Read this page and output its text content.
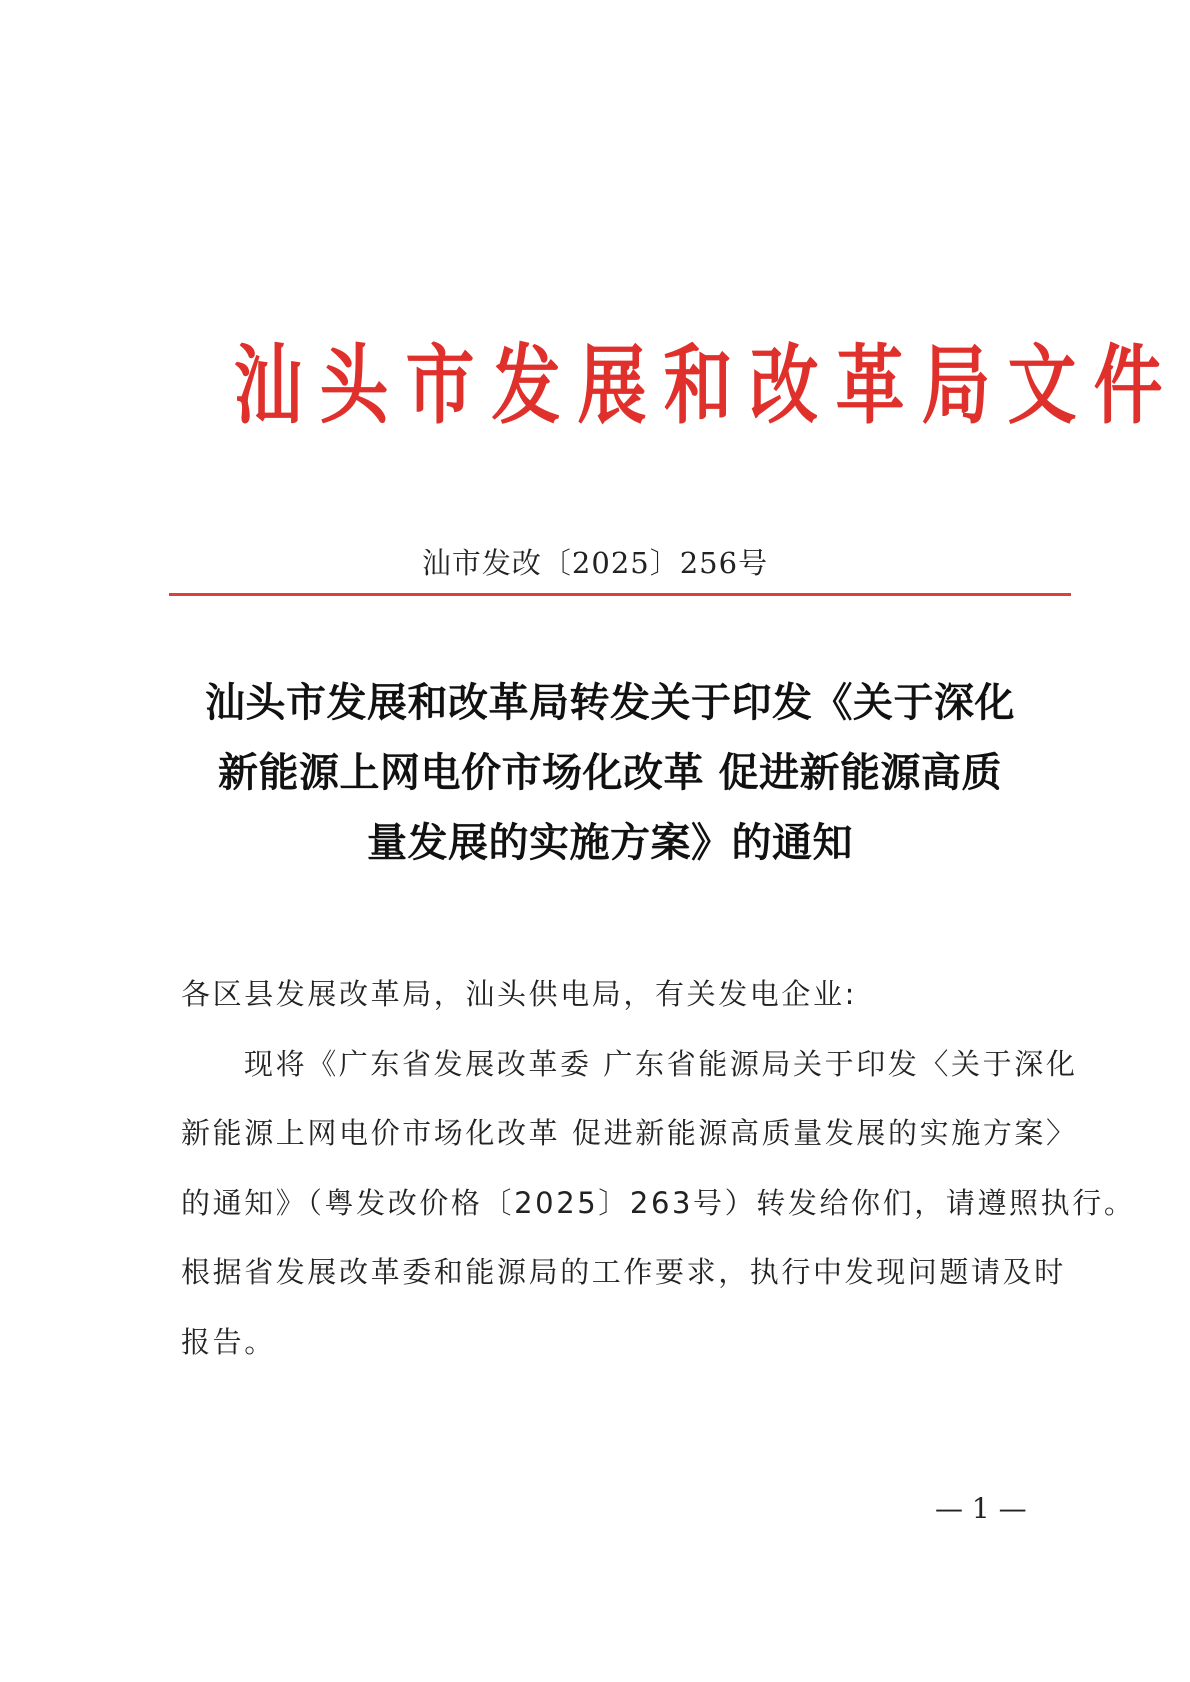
汕 头 市 发 展 和 改 革 局 文 件
汕市发改〔2025〕256号
汕头市发展和改革局转发关于印发《关于深化
新能源上网电价市场化改革 促进新能源高质
量发展的实施方案》的通知
各区县发展改革局，汕头供电局，有关发电企业:
现将《广东省发展改革委 广东省能源局关于印发〈关于深化
新能源上网电价市场化改革 促进新能源高质量发展的实施方案〉
的通知》（粤发改价格〔2025〕263号）转发给你们，请遵照执行。
根据省发展改革委和能源局的工作要求，执行中发现问题请及时
报告。
— 1 —
